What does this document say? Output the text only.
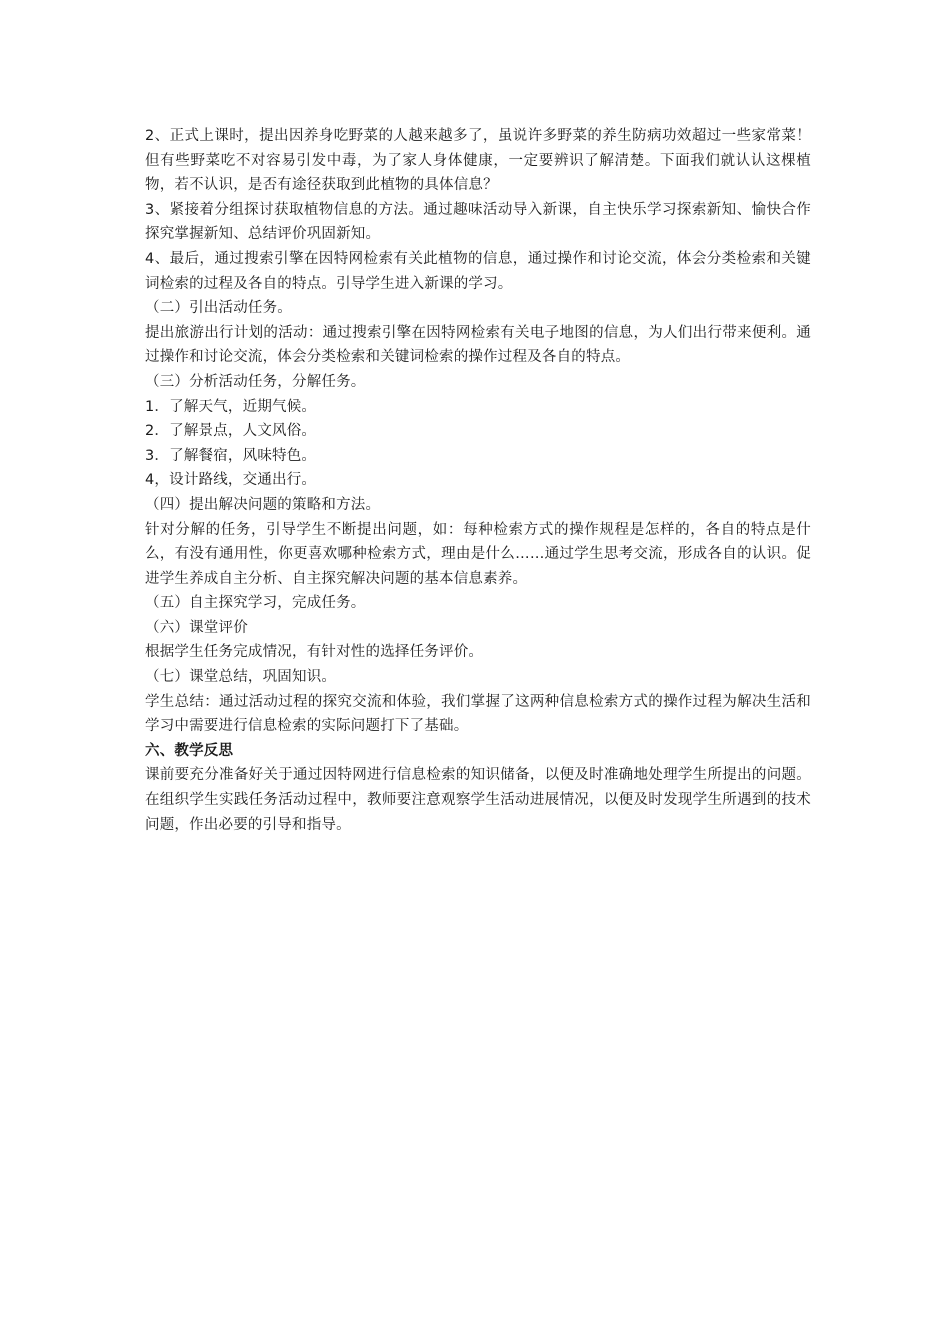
2、正式上课时，提出因养身吃野菜的人越来越多了，虽说许多野菜的养生防病功效超过一些家常菜！但有些野菜吃不对容易引发中毒，为了家人身体健康，一定要辨识了解清楚。下面我们就认认这棵植物，若不认识，是否有途径获取到此植物的具体信息？

3、紧接着分组探讨获取植物信息的方法。通过趣味活动导入新课，自主快乐学习探索新知、愉快合作探究掌握新知、总结评价巩固新知。

4、最后，通过搜索引擎在因特网检索有关此植物的信息，通过操作和讨论交流，体会分类检索和关键词检索的过程及各自的特点。引导学生进入新课的学习。

（二）引出活动任务。

提出旅游出行计划的活动：通过搜索引擎在因特网检索有关电子地图的信息，为人们出行带来便利。通过操作和讨论交流，体会分类检索和关键词检索的操作过程及各自的特点。

（三）分析活动任务，分解任务。

1．了解天气，近期气候。

2．了解景点，人文风俗。

3．了解餐宿，风味特色。

4，设计路线，交通出行。

（四）提出解决问题的策略和方法。

针对分解的任务，引导学生不断提出问题，如：每种检索方式的操作规程是怎样的，各自的特点是什么，有没有通用性，你更喜欢哪种检索方式，理由是什么……通过学生思考交流，形成各自的认识。促进学生养成自主分析、自主探究解决问题的基本信息素养。

（五）自主探究学习，完成任务。

（六）课堂评价

根据学生任务完成情况，有针对性的选择任务评价。

（七）课堂总结，巩固知识。

学生总结：通过活动过程的探究交流和体验，我们掌握了这两种信息检索方式的操作过程为解决生活和学习中需要进行信息检索的实际问题打下了基础。

六、教学反思

课前要充分准备好关于通过因特网进行信息检索的知识储备，以便及时准确地处理学生所提出的问题。在组织学生实践任务活动过程中，教师要注意观察学生活动进展情况，以便及时发现学生所遇到的技术问题，作出必要的引导和指导。
